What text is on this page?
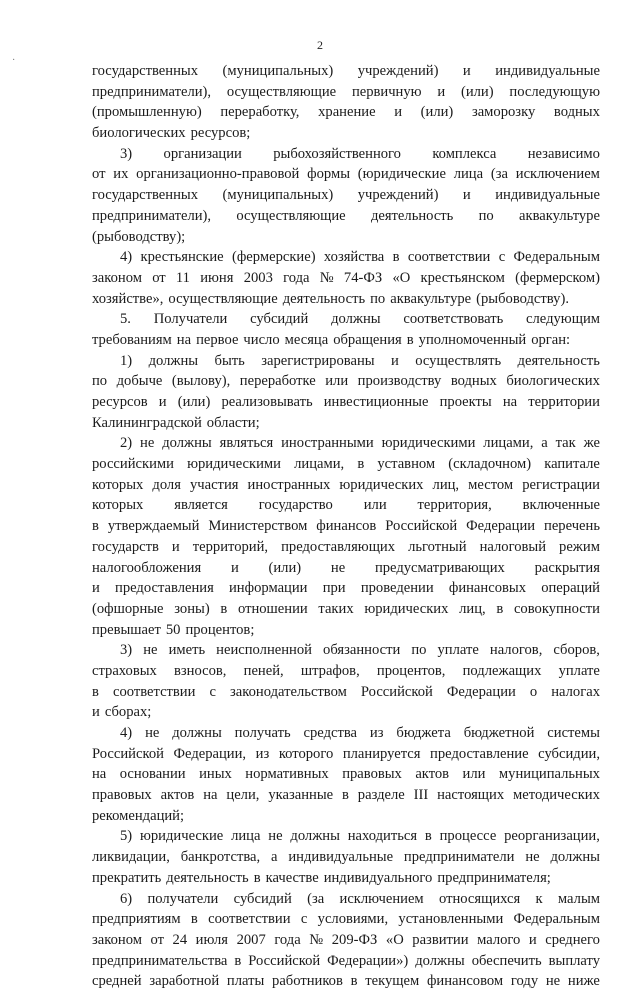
2
·
государственных (муниципальных) учреждений) и индивидуальные
предприниматели), осуществляющие первичную и (или) последующую
(промышленную) переработку, хранение и (или) заморозку водных
биологических ресурсов;
3) организации рыбохозяйственного комплекса независимо
от их организационно-правовой формы (юридические лица (за исключением
государственных (муниципальных) учреждений) и индивидуальные
предприниматели), осуществляющие деятельность по аквакультуре
(рыбоводству);
4) крестьянские (фермерские) хозяйства в соответствии с Федеральным
законом от 11 июня 2003 года № 74-ФЗ «О крестьянском (фермерском)
хозяйстве», осуществляющие деятельность по аквакультуре (рыбоводству).
5. Получатели субсидий должны соответствовать следующим
требованиям на первое число месяца обращения в уполномоченный орган:
1) должны быть зарегистрированы и осуществлять деятельность
по добыче (вылову), переработке или производству водных биологических
ресурсов и (или) реализовывать инвестиционные проекты на территории
Калининградской области;
2) не должны являться иностранными юридическими лицами, а так же
российскими юридическими лицами, в уставном (складочном) капитале
которых доля участия иностранных юридических лиц, местом регистрации
которых является государство или территория, включенные
в утверждаемый Министерством финансов Российской Федерации перечень
государств и территорий, предоставляющих льготный налоговый режим
налогообложения и (или) не предусматривающих раскрытия
и предоставления информации при проведении финансовых операций
(офшорные зоны) в отношении таких юридических лиц, в совокупности
превышает 50 процентов;
3) не иметь неисполненной обязанности по уплате налогов, сборов,
страховых взносов, пеней, штрафов, процентов, подлежащих уплате
в соответствии с законодательством Российской Федерации о налогах
и сборах;
4) не должны получать средства из бюджета бюджетной системы
Российской Федерации, из которого планируется предоставление субсидии,
на основании иных нормативных правовых актов или муниципальных
правовых актов на цели, указанные в разделе III настоящих методических
рекомендаций;
5) юридические лица не должны находиться в процессе реорганизации,
ликвидации, банкротства, а индивидуальные предприниматели не должны
прекратить деятельность в качестве индивидуального предпринимателя;
6) получатели субсидий (за исключением относящихся к малым
предприятиям в соответствии с условиями, установленными Федеральным
законом от 24 июля 2007 года № 209-ФЗ «О развитии малого и среднего
предпринимательства в Российской Федерации») должны обеспечить выплату
средней заработной платы работников в текущем финансовом году не ниже
